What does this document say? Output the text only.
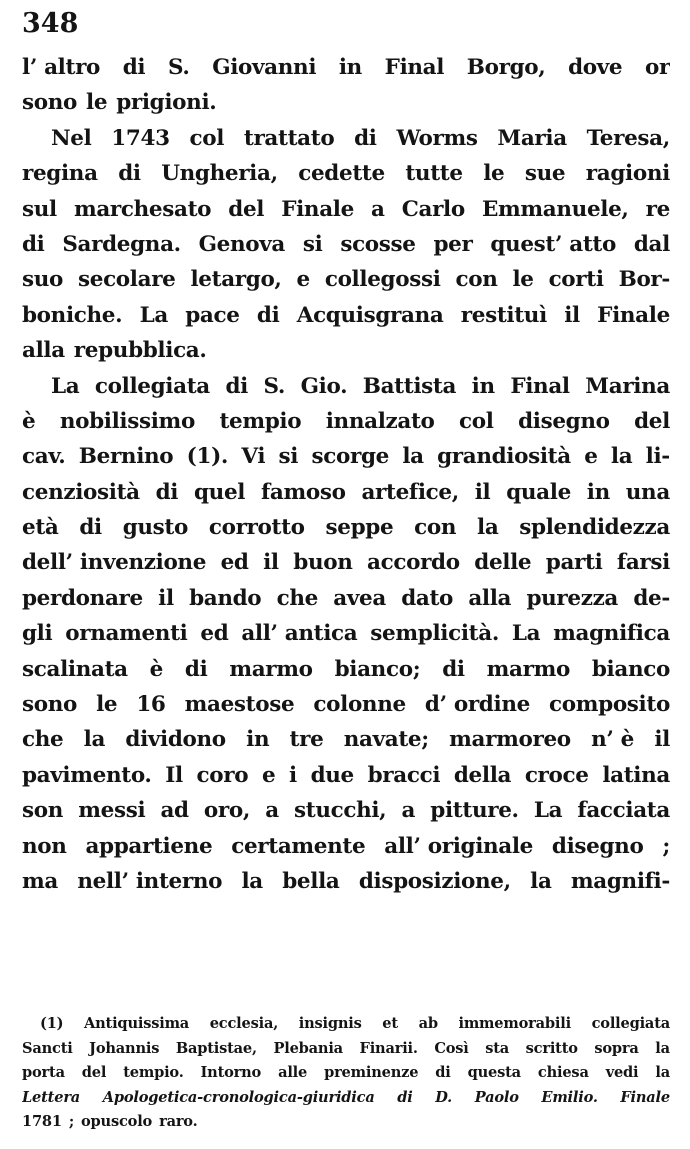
348
l’ altro di S. Giovanni in Final Borgo, dove or
sono le prigioni.
Nel 1743 col trattato di Worms Maria Teresa,
regina di Ungheria, cedette tutte le sue ragioni
sul marchesato del Finale a Carlo Emmanuele, re
di Sardegna. Genova si scosse per quest’ atto dal
suo secolare letargo, e collegossi con le corti Bor-
boniche. La pace di Acquisgrana restituì il Finale
alla repubblica.
La collegiata di S. Gio. Battista in Final Marina
è nobilissimo tempio innalzato col disegno del
cav. Bernino (1). Vi si scorge la grandiosità e la li-
cenziosità di quel famoso artefice, il quale in una
età di gusto corrotto seppe con la splendidezza
dell’ invenzione ed il buon accordo delle parti farsi
perdonare il bando che avea dato alla purezza de-
gli ornamenti ed all’ antica semplicità. La magnifica
scalinata è di marmo bianco; di marmo bianco
sono le 16 maestose colonne d’ ordine composito
che la dividono in tre navate; marmoreo n’ è il
pavimento. Il coro e i due bracci della croce latina
son messi ad oro, a stucchi, a pitture. La facciata
non appartiene certamente all’ originale disegno ;
ma nell’ interno la bella disposizione, la magnifi-
(1) Antiquissima ecclesia, insignis et ab immemorabili collegiata
Sancti Johannis Baptistae, Plebania Finarii. Così sta scritto sopra la
porta del tempio. Intorno alle preminenze di questa chiesa vedi la
Lettera Apologetica-cronologica-giuridica di D. Paolo Emilio. Finale
1781 ; opuscolo raro.
